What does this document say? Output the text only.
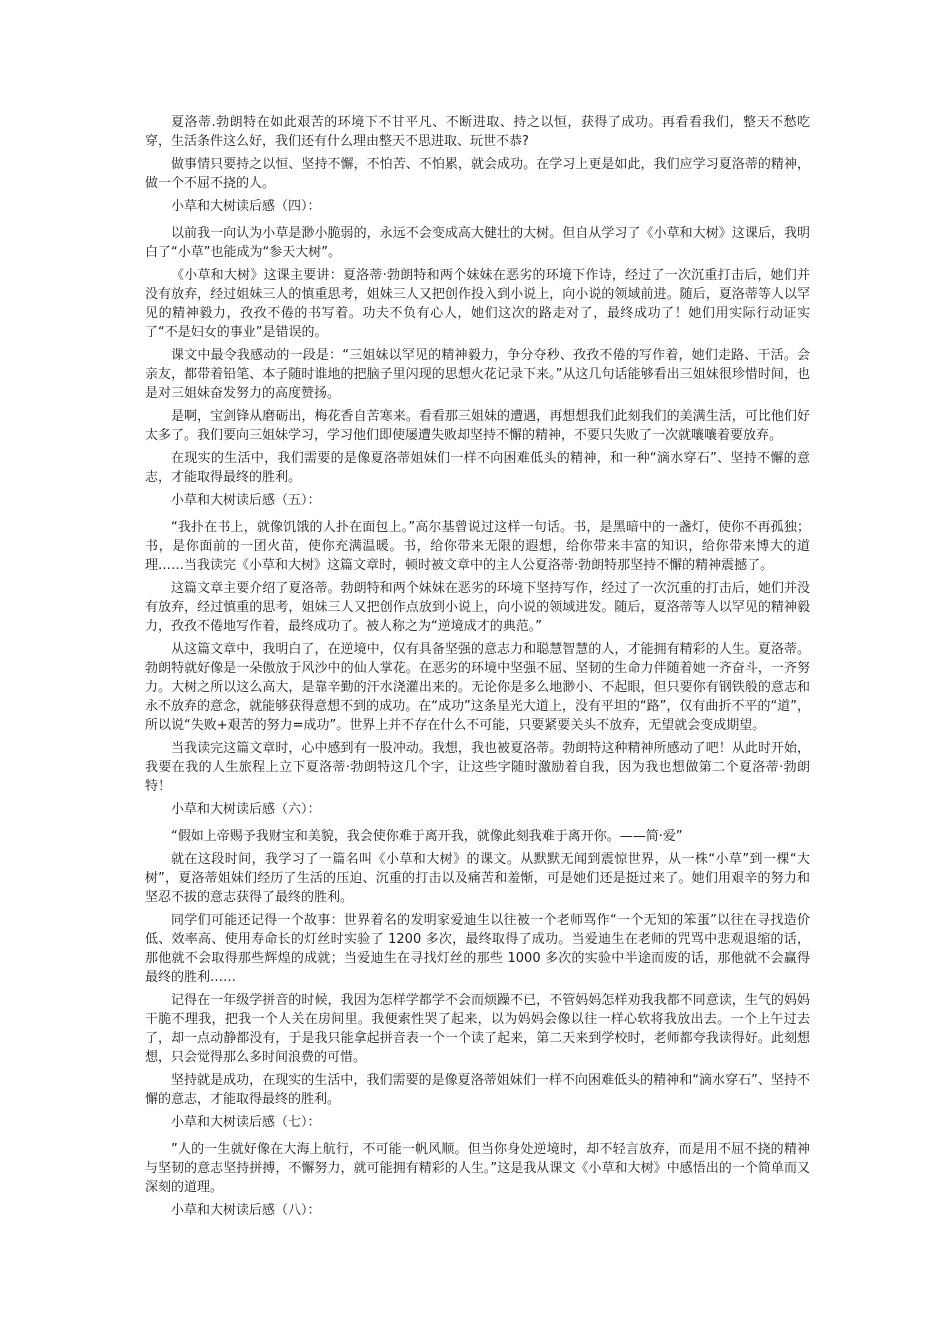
夏洛蒂.勃朗特在如此艰苦的环境下不甘平凡、不断进取、持之以恒，获得了成功。再看看我们，整天不愁吃穿，生活条件这么好，我们还有什么理由整天不思进取、玩世不恭?

做事情只要持之以恒、坚持不懈，不怕苦、不怕累，就会成功。在学习上更是如此，我们应学习夏洛蒂的精神，做一个不屈不挠的人。

小草和大树读后感（四）：

以前我一向认为小草是渺小脆弱的，永远不会变成高大健壮的大树。但自从学习了《小草和大树》这课后，我明白了“小草”也能成为“参天大树”。

《小草和大树》这课主要讲：夏洛蒂·勃朗特和两个妹妹在恶劣的环境下作诗，经过了一次沉重打击后，她们并没有放弃，经过姐妹三人的慎重思考，姐妹三人又把创作投入到小说上，向小说的领域前进。随后，夏洛蒂等人以罕见的精神毅力，孜孜不倦的书写着。功夫不负有心人，她们这次的路走对了，最终成功了！她们用实际行动证实了“不是妇女的事业”是错误的。

课文中最令我感动的一段是：“三姐妹以罕见的精神毅力，争分夺秒、孜孜不倦的写作着，她们走路、干活。会亲友，都带着铅笔、本子随时谁地的把脑子里闪现的思想火花记录下来。”从这几句话能够看出三姐妹很珍惜时间，也是对三姐妹奋发努力的高度赞扬。

是啊，宝剑锋从磨砺出，梅花香自苦寒来。看看那三姐妹的遭遇，再想想我们此刻我们的美满生活，可比他们好太多了。我们要向三姐妹学习，学习他们即使屡遭失败却坚持不懈的精神，不要只失败了一次就嚷嚷着要放弃。

在现实的生活中，我们需要的是像夏洛蒂姐妹们一样不向困难低头的精神，和一种“滴水穿石”、坚持不懈的意志，才能取得最终的胜利。

小草和大树读后感（五）：

“我扑在书上，就像饥饿的人扑在面包上。”高尔基曾说过这样一句话。书，是黑暗中的一盏灯，使你不再孤独；书，是你面前的一团火苗，使你充满温暖。书，给你带来无限的遐想，给你带来丰富的知识，给你带来博大的道理……当我读完《小草和大树》这篇文章时，顿时被文章中的主人公夏洛蒂·勃朗特那坚持不懈的精神震撼了。

这篇文章主要介绍了夏洛蒂。勃朗特和两个妹妹在恶劣的环境下坚持写作，经过了一次沉重的打击后，她们并没有放弃，经过慎重的思考，姐妹三人又把创作点放到小说上，向小说的领域进发。随后，夏洛蒂等人以罕见的精神毅力，孜孜不倦地写作着，最终成功了。被人称之为“逆境成才的典范。”

从这篇文章中，我明白了，在逆境中，仅有具备坚强的意志力和聪慧智慧的人，才能拥有精彩的人生。夏洛蒂。勃朗特就好像是一朵傲放于风沙中的仙人掌花。在恶劣的环境中坚强不屈、坚韧的生命力伴随着她一齐奋斗，一齐努力。大树之所以这么高大，是靠辛勤的汗水浇灌出来的。无论你是多么地渺小、不起眼，但只要你有钢铁般的意志和永不放弃的意念，就能够获得意想不到的成功。在“成功”这条星光大道上，没有平坦的“路”，仅有曲折不平的“道”，所以说“失败+艰苦的努力=成功”。世界上并不存在什么不可能，只要紧要关头不放弃，无望就会变成期望。

当我读完这篇文章时，心中感到有一股冲动。我想，我也被夏洛蒂。勃朗特这种精神所感动了吧！从此时开始，我要在我的人生旅程上立下夏洛蒂·勃朗特这几个字，让这些字随时激励着自我，因为我也想做第二个夏洛蒂·勃朗特！

小草和大树读后感（六）：

“假如上帝赐予我财宝和美貌，我会使你难于离开我，就像此刻我难于离开你。——简·爱”

就在这段时间，我学习了一篇名叫《小草和大树》的课文。从默默无闻到震惊世界，从一株“小草”到一棵“大树”，夏洛蒂姐妹们经历了生活的压迫、沉重的打击以及痛苦和羞惭，可是她们还是挺过来了。她们用艰辛的努力和坚忍不拔的意志获得了最终的胜利。

同学们可能还记得一个故事：世界着名的发明家爱迪生以往被一个老师骂作“一个无知的笨蛋”以往在寻找造价低、效率高、使用寿命长的灯丝时实验了 1200 多次，最终取得了成功。当爱迪生在老师的咒骂中悲观退缩的话，那他就不会取得那些辉煌的成就；当爱迪生在寻找灯丝的那些 1000 多次的实验中半途而废的话，那他就不会赢得最终的胜利……

记得在一年级学拼音的时候，我因为怎样学都学不会而烦躁不已，不管妈妈怎样劝我我都不同意读，生气的妈妈干脆不理我，把我一个人关在房间里。我便索性哭了起来，以为妈妈会像以往一样心软将我放出去。一个上午过去了，却一点动静都没有，于是我只能拿起拼音表一个一个读了起来，第二天来到学校时，老师都夸我读得好。此刻想想，只会觉得那么多时间浪费的可惜。

坚持就是成功，在现实的生活中，我们需要的是像夏洛蒂姐妹们一样不向困难低头的精神和“滴水穿石”、坚持不懈的意志，才能取得最终的胜利。

小草和大树读后感（七）：

”人的一生就好像在大海上航行，不可能一帆风顺。但当你身处逆境时，却不轻言放弃，而是用不屈不挠的精神与坚韧的意志坚持拼搏，不懈努力，就可能拥有精彩的人生。”这是我从课文《小草和大树》中感悟出的一个简单而又深刻的道理。

小草和大树读后感（八）：
